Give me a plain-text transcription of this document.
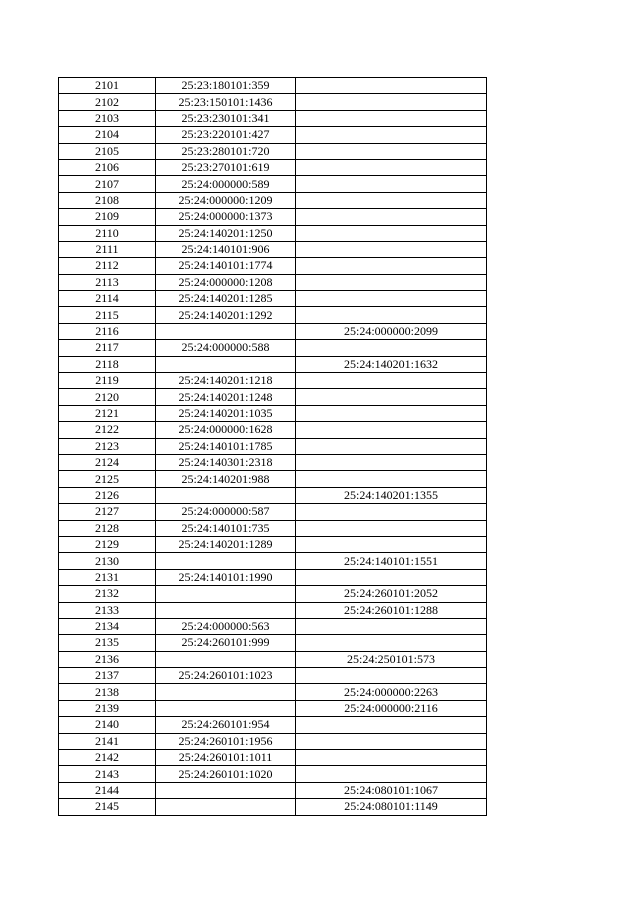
2101	25:23:180101:359	
2102	25:23:150101:1436	
2103	25:23:230101:341	
2104	25:23:220101:427	
2105	25:23:280101:720	
2106	25:23:270101:619	
2107	25:24:000000:589	
2108	25:24:000000:1209	
2109	25:24:000000:1373	
2110	25:24:140201:1250	
2111	25:24:140101:906	
2112	25:24:140101:1774	
2113	25:24:000000:1208	
2114	25:24:140201:1285	
2115	25:24:140201:1292	
2116		25:24:000000:2099
2117	25:24:000000:588	
2118		25:24:140201:1632
2119	25:24:140201:1218	
2120	25:24:140201:1248	
2121	25:24:140201:1035	
2122	25:24:000000:1628	
2123	25:24:140101:1785	
2124	25:24:140301:2318	
2125	25:24:140201:988	
2126		25:24:140201:1355
2127	25:24:000000:587	
2128	25:24:140101:735	
2129	25:24:140201:1289	
2130		25:24:140101:1551
2131	25:24:140101:1990	
2132		25:24:260101:2052
2133		25:24:260101:1288
2134	25:24:000000:563	
2135	25:24:260101:999	
2136		25:24:250101:573
2137	25:24:260101:1023	
2138		25:24:000000:2263
2139		25:24:000000:2116
2140	25:24:260101:954	
2141	25:24:260101:1956	
2142	25:24:260101:1011	
2143	25:24:260101:1020	
2144		25:24:080101:1067
2145		25:24:080101:1149
